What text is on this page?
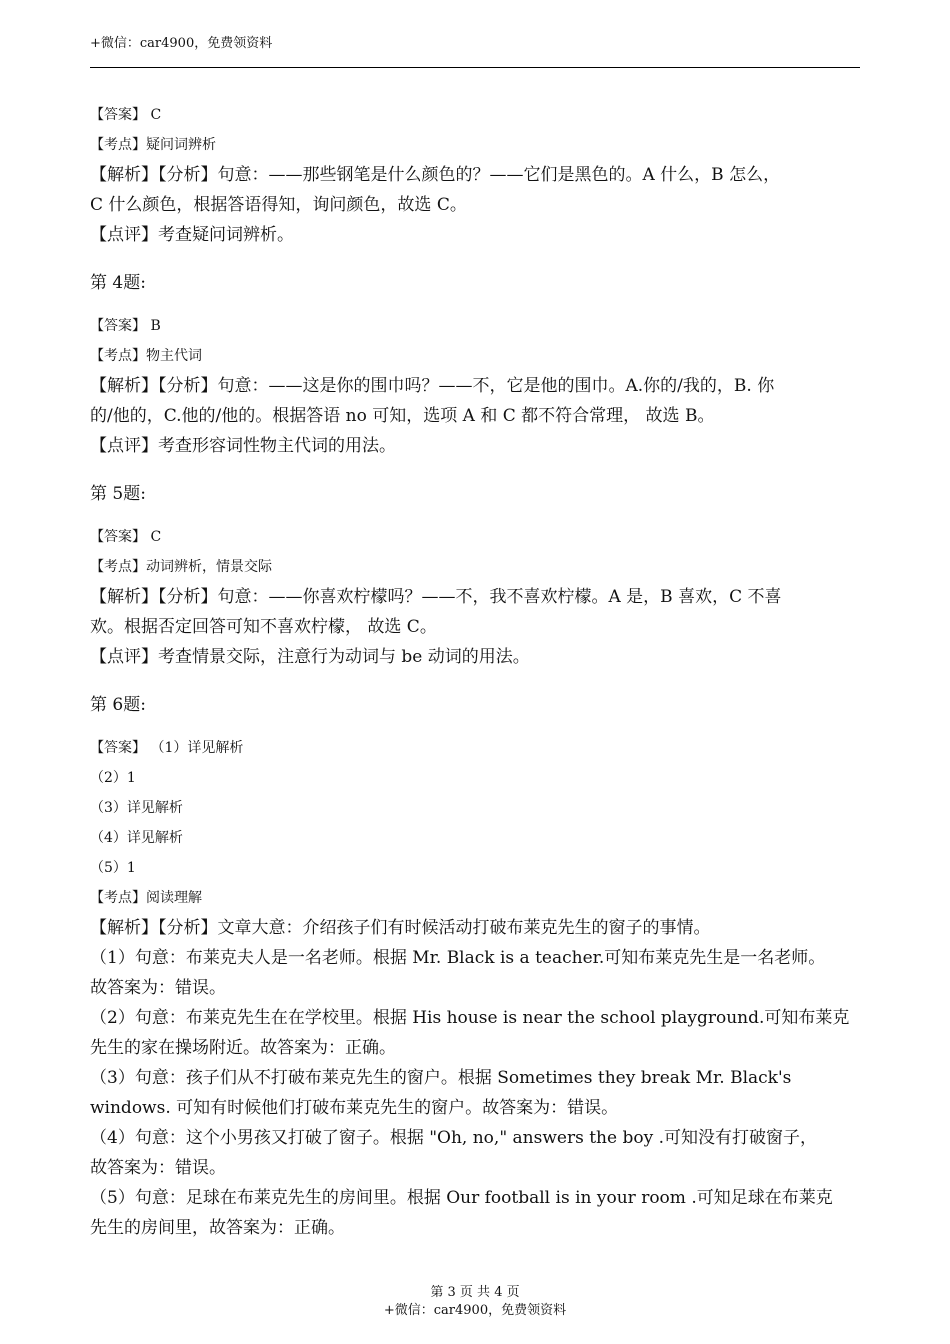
+微信：car4900，免费领资料
【答案】 C
【考点】疑问词辨析
【解析】【分析】句意：——那些钢笔是什么颜色的？——它们是黑色的。A 什么，B 怎么，
C 什么颜色，根据答语得知，询问颜色，故选 C。
【点评】考查疑问词辨析。
第 4题:
【答案】 B
【考点】物主代词
【解析】【分析】句意：——这是你的围巾吗？——不，它是他的围巾。A.你的/我的，B. 你
的/他的，C.他的/他的。根据答语 no 可知，选项 A 和 C 都不符合常理， 故选 B。
【点评】考查形容词性物主代词的用法。
第 5题:
【答案】 C
【考点】动词辨析，情景交际
【解析】【分析】句意：——你喜欢柠檬吗？——不，我不喜欢柠檬。A 是，B 喜欢，C 不喜
欢。根据否定回答可知不喜欢柠檬， 故选 C。
【点评】考查情景交际，注意行为动词与 be 动词的用法。
第 6题:
【答案】 （1）详见解析
（2）1
（3）详见解析
（4）详见解析
（5）1
【考点】阅读理解
【解析】【分析】文章大意：介绍孩子们有时候活动打破布莱克先生的窗子的事情。
（1）句意：布莱克夫人是一名老师。根据 Mr. Black is a teacher.可知布莱克先生是一名老师。
故答案为：错误。
（2）句意：布莱克先生在在学校里。根据 His house is near the school playground.可知布莱克
先生的家在操场附近。故答案为：正确。
（3）句意：孩子们从不打破布莱克先生的窗户。根据 Sometimes they break Mr. Black's
windows. 可知有时候他们打破布莱克先生的窗户。故答案为：错误。
（4）句意：这个小男孩又打破了窗子。根据 "Oh, no," answers the boy .可知没有打破窗子，
故答案为：错误。
（5）句意：足球在布莱克先生的房间里。根据 Our football is in your room .可知足球在布莱克
先生的房间里，故答案为：正确。
第 3 页 共 4 页
+微信：car4900，免费领资料
